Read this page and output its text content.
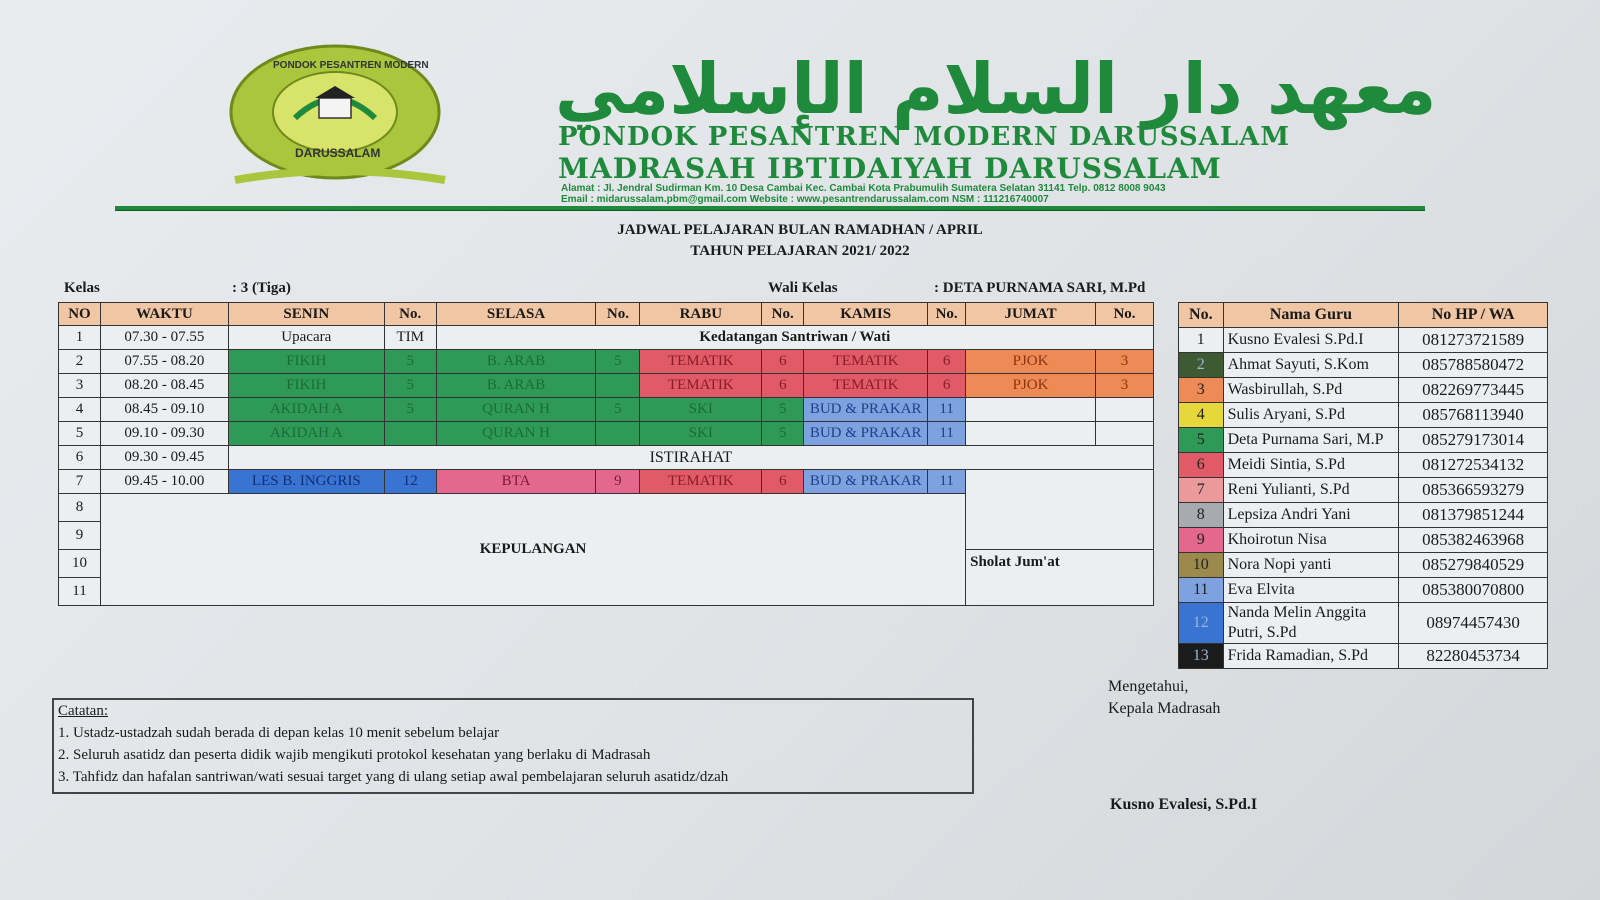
PONDOK PESANTREN MODERN
DARUSSALAM
معهد دار السلام الإسلامي
PONDOK PESANTREN MODERN DARUSSALAM
MADRASAH IBTIDAIYAH DARUSSALAM
Alamat : Jl. Jendral Sudirman Km. 10 Desa Cambai Kec. Cambai Kota Prabumulih Sumatera Selatan 31141 Telp. 0812 8008 9043
Email : midarussalam.pbm@gmail.com Website : www.pesantrendarussalam.com NSM : 111216740007
JADWAL PELAJARAN BULAN RAMADHAN / APRIL
TAHUN PELAJARAN 2021/ 2022
Kelas	: 3 (Tiga)	Wali Kelas	: DETA PURNAMA SARI, M.Pd
NO	WAKTU	SENIN	No.	SELASA	No.	RABU	No.	KAMIS	No.	JUMAT	No.
1	07.30 - 07.55	Upacara	TIM	Kedatangan Santriwan / Wati							
2	07.55 - 08.20	FIKIH	5	B. ARAB	5	TEMATIK	6	TEMATIK	6	PJOK	3
3	08.20 - 08.45	FIKIH	5	B. ARAB		TEMATIK	6	TEMATIK	6	PJOK	3
4	08.45 - 09.10	AKIDAH A	5	QURAN H	5	SKI	5	BUD & PRAKAR	11		
5	09.10 - 09.30	AKIDAH A		QURAN H		SKI	5	BUD & PRAKAR	11		
6	09.30 - 09.45	ISTIRAHAT									
7	09.45 - 10.00	LES B. INGGRIS	12	BTA	9	TEMATIK	6	BUD & PRAKAR	11		
8	KEPULANGAN										
9											
10										Sholat Jum'at	
11											
No.	Nama Guru	No HP / WA
1	Kusno Evalesi S.Pd.I	081273721589
2	Ahmat Sayuti, S.Kom	085788580472
3	Wasbirullah, S.Pd	082269773445
4	Sulis Aryani, S.Pd	085768113940
5	Deta Purnama Sari, M.P	085279173014
6	Meidi Sintia, S.Pd	081272534132
7	Reni Yulianti, S.Pd	085366593279
8	Lepsiza Andri Yani	081379851244
9	Khoirotun Nisa	085382463968
10	Nora Nopi yanti	085279840529
11	Eva Elvita	085380070800
12	Nanda Melin Anggita Putri, S.Pd	08974457430
13	Frida Ramadian, S.Pd	82280453734
Catatan:
1. Ustadz-ustadzah sudah berada di depan kelas 10 menit sebelum belajar
2. Seluruh asatidz dan peserta didik wajib mengikuti protokol kesehatan yang berlaku di Madrasah
3. Tahfidz dan hafalan santriwan/wati sesuai target yang di ulang setiap awal pembelajaran seluruh asatidz/dzah
Mengetahui,
Kepala Madrasah
Kusno Evalesi, S.Pd.I
